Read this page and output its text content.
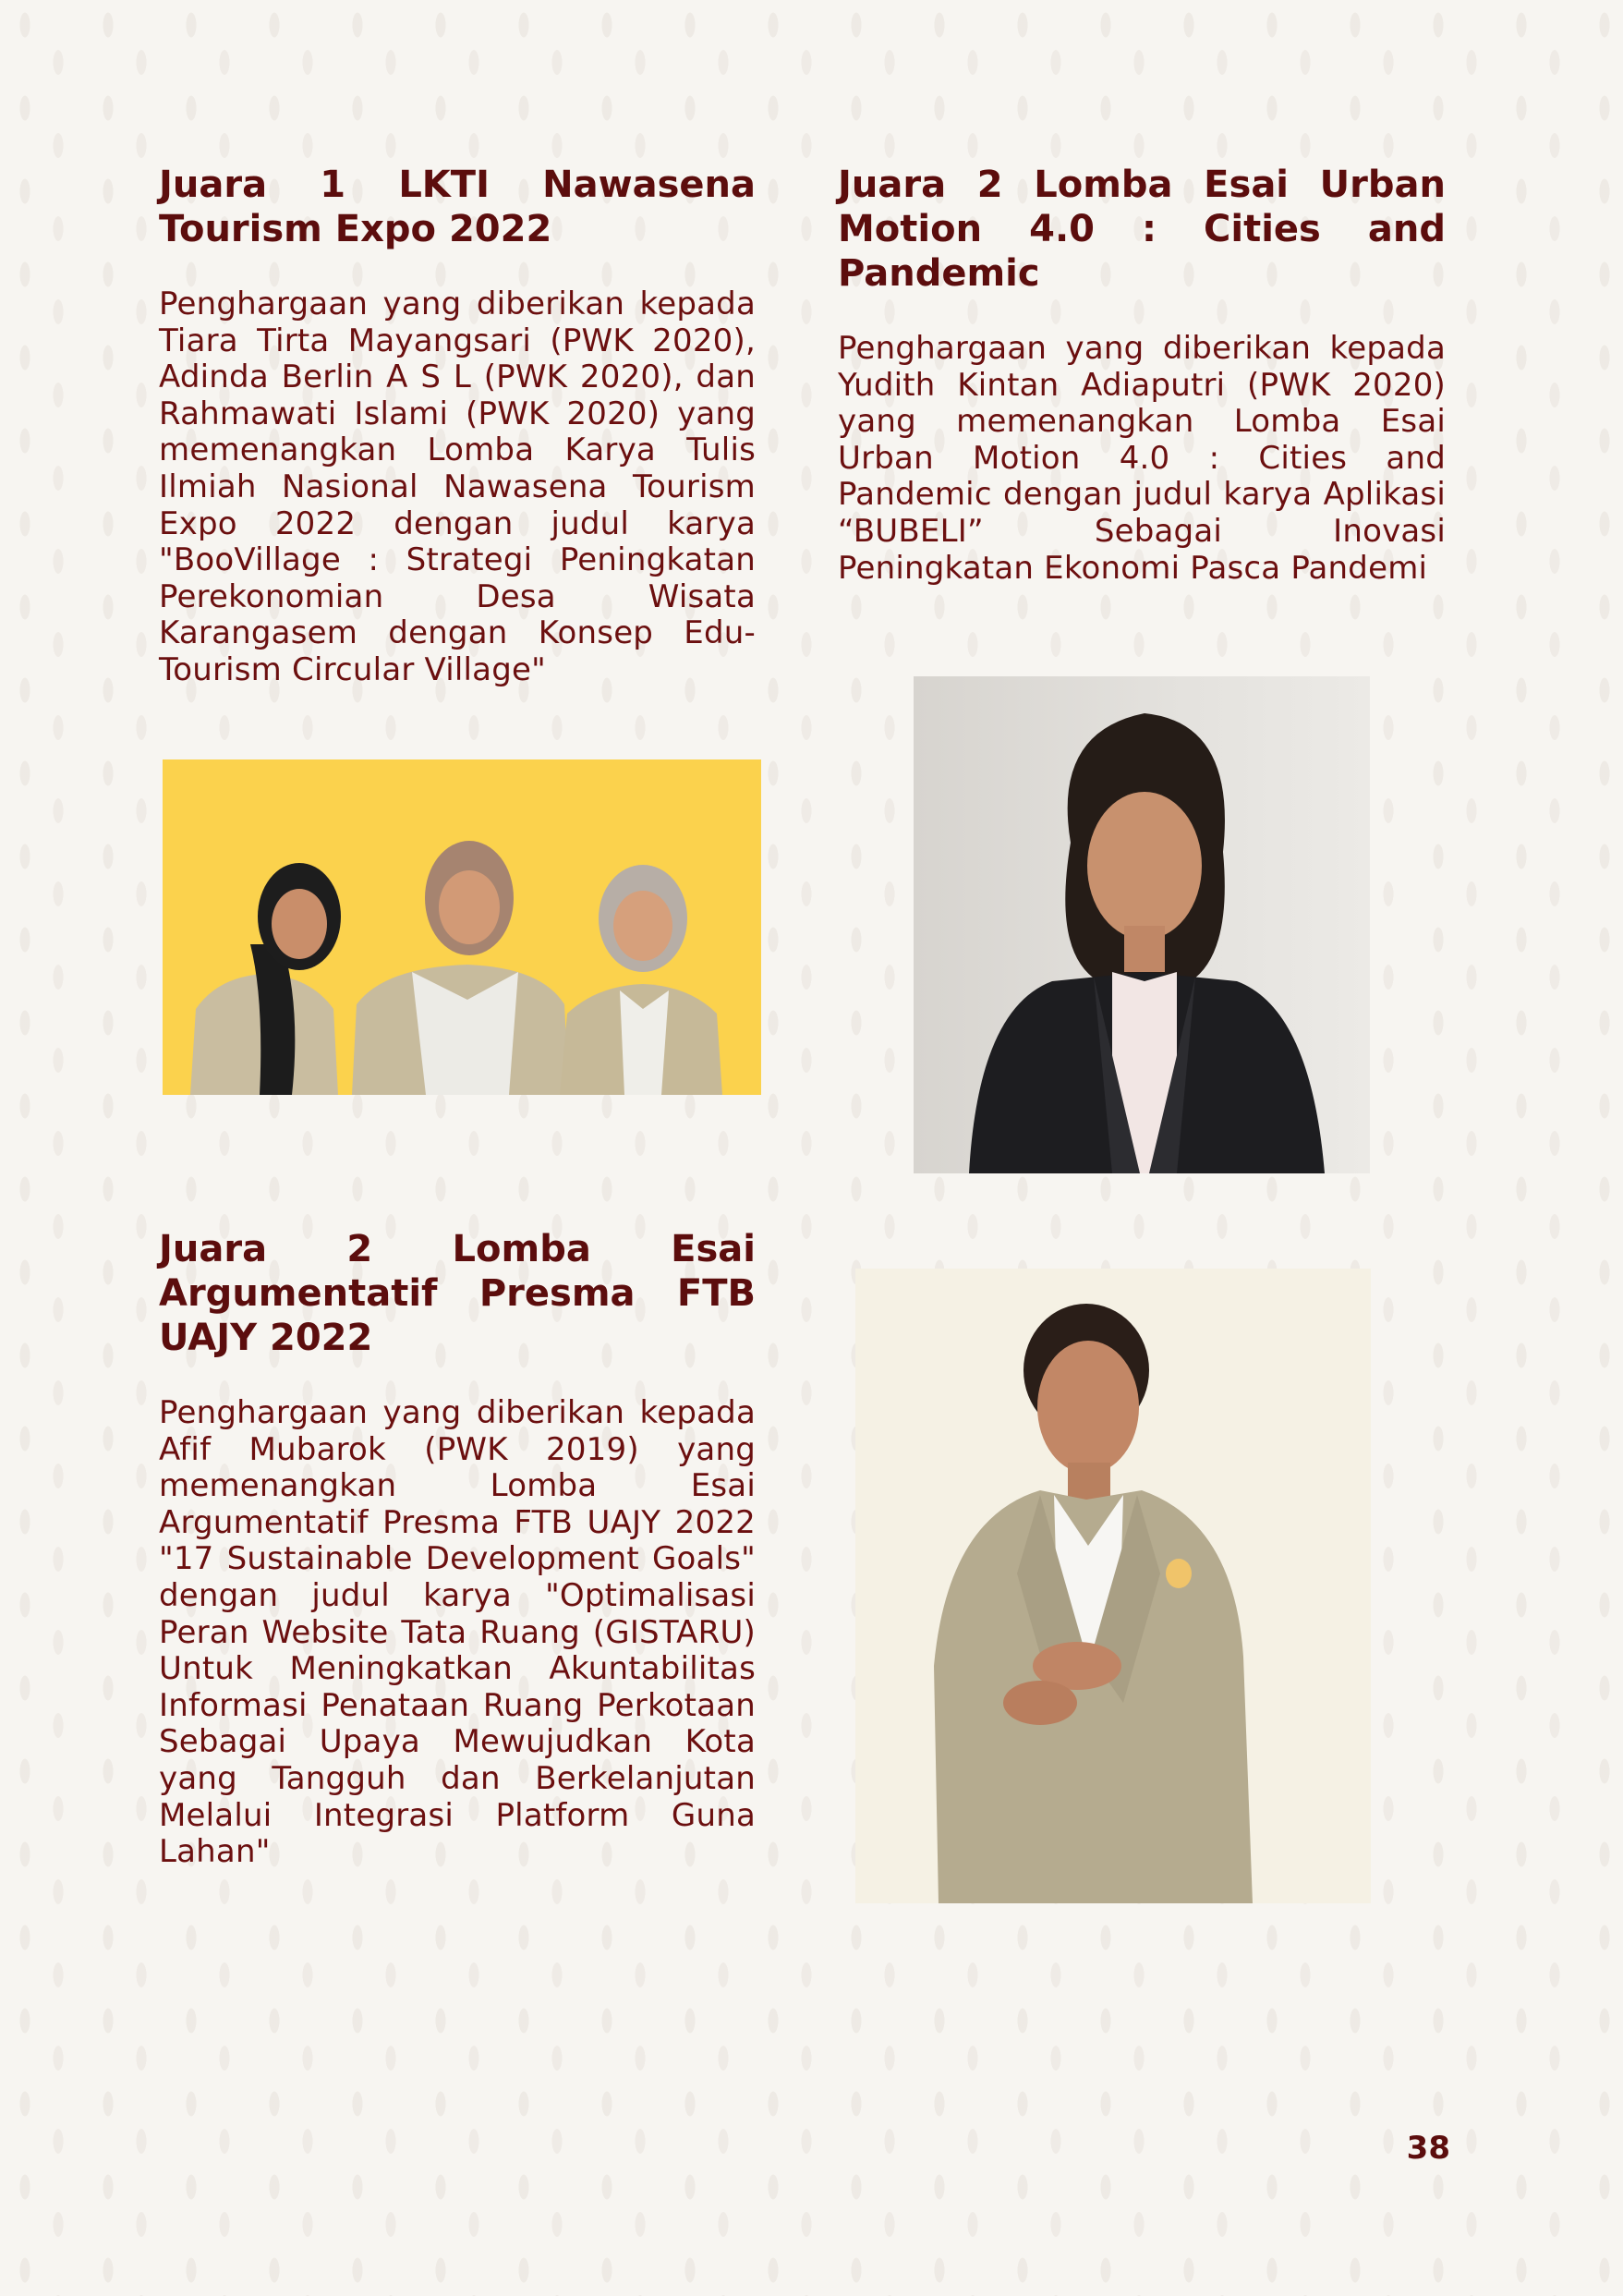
Juara 1 LKTI Nawasena Tourism Expo 2022

Penghargaan yang diberikan kepada Tiara Tirta Mayangsari (PWK 2020), Adinda Berlin A S L (PWK 2020), dan Rahmawati Islami (PWK 2020) yang memenangkan Lomba Karya Tulis Ilmiah Nasional Nawasena Tourism Expo 2022 dengan judul karya "BooVillage : Strategi Peningkatan Perekonomian Desa Wisata Karangasem dengan Konsep Edu-Tourism Circular Village"

Juara 2 Lomba Esai Urban Motion 4.0 : Cities and Pandemic

Penghargaan yang diberikan kepada Yudith Kintan Adiaputri (PWK 2020) yang memenangkan Lomba Esai Urban Motion 4.0 : Cities and Pandemic dengan judul karya Aplikasi “BUBELI” Sebagai Inovasi Peningkatan Ekonomi Pasca Pandemi

Juara 2 Lomba Esai Argumentatif Presma FTB UAJY 2022

Penghargaan yang diberikan kepada Afif Mubarok (PWK 2019) yang memenangkan Lomba Esai Argumentatif Presma FTB UAJY 2022 "17 Sustainable Development Goals" dengan judul karya "Optimalisasi Peran Website Tata Ruang (GISTARU) Untuk Meningkatkan Akuntabilitas Informasi Penataan Ruang Perkotaan Sebagai Upaya Mewujudkan Kota yang Tangguh dan Berkelanjutan Melalui Integrasi Platform Guna Lahan"

38
